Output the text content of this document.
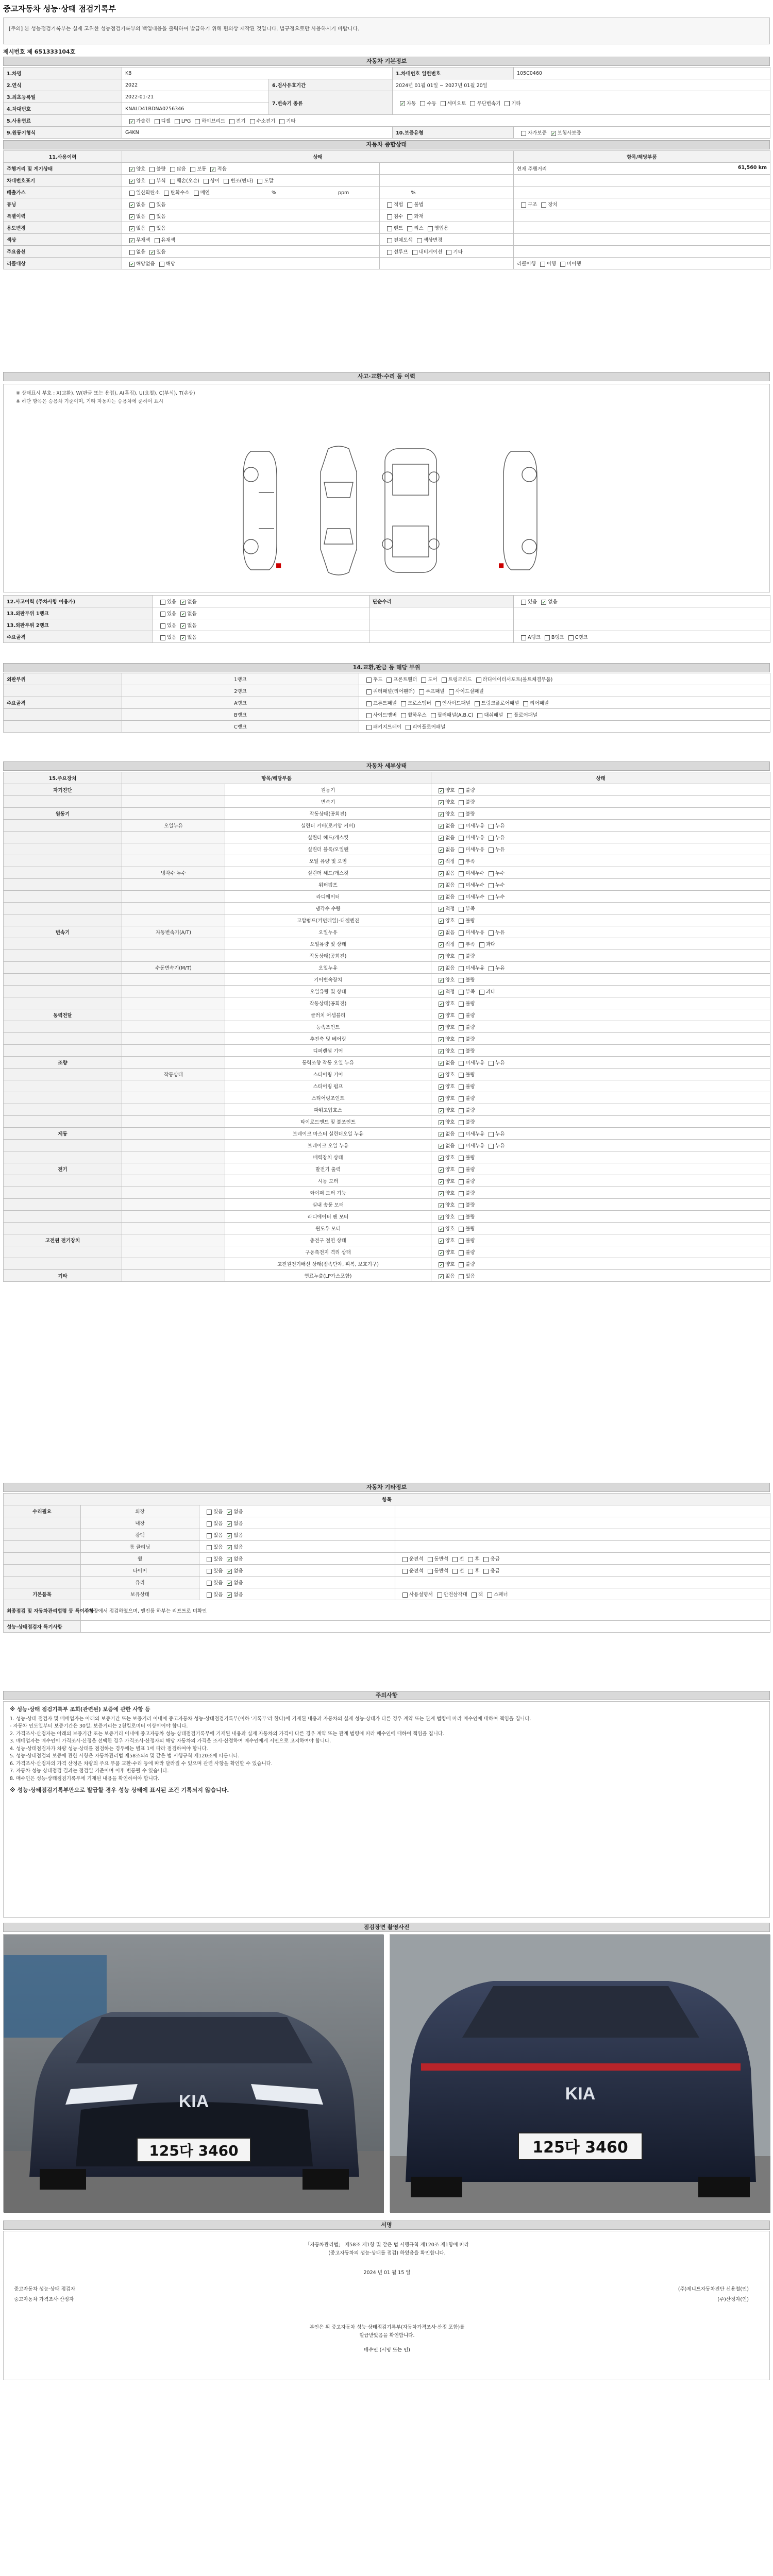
중고자동차 성능·상태 점검기록부
[주의] 본 성능점검기록부는 실제 고위한 성능점검기록부의 백업내용을 출력하여 발급하기 위해 편의상 제작된 것입니다. 법규정으로만 사용하시기 바랍니다.
제시번호 제 651333104호
자동차 기본정보
1.차명	K8		1.차대번호 일련번호	105C0460
2.연식	2022	6.검사유효기간	2024년 01월 01일 ~ 2027년 01월 20일	
3.최초등록일	2022-01-21	7.변속기 종류	✔자동 수동 세미오토 무단변속기 기타
4.차대번호	KNALD41BDNA0256346			
5.사용연료	✔가솔린 디젤 LPG 하이브리드 전기 수소전기 기타
9.원동기형식	G4KN		10.보증유형	자가보증 ✔ 보험사보증
자동차 종합상태
11.사용이력	상태		항목/해당부품
주행거리 및 계기상태	✔양호 불량 많음 보통 ✔ 적음		현재 주행거리 61,560 km

차대번호표기	✔양호 부식 훼손(오손) 상이 변조(변타) 도말		
배출가스	일산화탄소 탄화수소 매연 % ppm %		
튜닝	✔없음 있음	적법 불법	구조 장치
특별이력	✔없음 있음	침수 화재	
용도변경	✔없음 있음	렌트 리스 영업용	
색상	✔무채색 유채색	전체도색 색상변경	
주요옵션	없음 ✔ 있음	선루프 내비게이션 기타	
리콜대상	✔해당없음 해당		리콜이행 이행 미이행
사고·교환·수리 등 이력
※ 상태표시 부호 : X(교환), W(판금 또는 용접), A(흠집), U(요철), C(부식), T(손상)
※ 하단 항목은 승용차 기준이며, 기타 자동차는 승용차에 준하여 표시
■	■
12.사고이력 (주차사항 이용가)	있음 ✔ 없음	단순수리	있음 ✔ 없음
13.외판부위 1랭크	있음 ✔ 없음		
13.외판부위 2랭크	있음 ✔ 없음		
주요골격	있음 ✔ 없음		A랭크 B랭크 C랭크
14.교환,판금 등 해당 부위
외판부위	1랭크	후드 프론트휀더 도어 트렁크리드 라디에이터서포트(볼트체결부품)
	2랭크	쿼터패널(리어휀더) 루프패널 사이드실패널
주요골격	A랭크	프론트패널 크로스멤버 인사이드패널 트렁크플로어패널 리어패널
	B랭크	사이드멤버 휠하우스 필러패널(A,B,C) 대쉬패널 플로어패널
	C랭크	패키지트레이 리어플로어패널
자동차 세부상태
15.주요장치	항목/해당부품		상태
자기진단		원동기	✔양호 불량
		변속기	✔양호 불량
원동기		작동상태(공회전)	✔양호 불량
	오일누유	실린더 커버(로커암 커버)	✔없음 미세누유 누유
		실린더 헤드/개스킷	✔없음 미세누유 누유
		실린더 블록/오일팬	✔없음 미세누유 누유
		오일 유량 및 오염	✔적정 부족
	냉각수 누수	실린더 헤드/개스킷	✔없음 미세누수 누수
		워터펌프	✔없음 미세누수 누수
		라디에이터	✔없음 미세누수 누수
		냉각수 수량	✔적정 부족
		고압펌프(커먼레일)-디젤엔진	✔양호 불량
변속기	자동변속기(A/T)	오일누유	✔없음 미세누유 누유
		오일유량 및 상태	✔적정 부족 과다
		작동상태(공회전)	✔양호 불량
	수동변속기(M/T)	오일누유	✔없음 미세누유 누유
		기어변속장치	✔양호 불량
		오일유량 및 상태	✔적정 부족 과다
		작동상태(공회전)	✔양호 불량
동력전달		클러치 어셈블리	✔양호 불량
		등속조인트	✔양호 불량
		추진축 및 베어링	✔양호 불량
		디퍼렌셜 기어	✔양호 불량
조향		동력조향 작동 오일 누유	✔없음 미세누유 누유
	작동상태	스티어링 기어	✔양호 불량
		스티어링 펌프	✔양호 불량
		스티어링조인트	✔양호 불량
		파워고압호스	✔양호 불량
		타이로드엔드 및 볼조인트	✔양호 불량
제동		브레이크 마스터 실린더오일 누유	✔없음 미세누유 누유
		브레이크 오일 누유	✔없음 미세누유 누유
		배력장치 상태	✔양호 불량
전기		발전기 출력	✔양호 불량
		시동 모터	✔양호 불량
		와이퍼 모터 기능	✔양호 불량
		실내 송풍 모터	✔양호 불량
		라디에이터 팬 모터	✔양호 불량
		윈도우 모터	✔양호 불량
고전원 전기장치		충전구 절연 상태	✔양호 불량
		구동축전지 격리 상태	✔양호 불량
		고전원전기배선 상태(접속단자, 피복, 보호기구)	✔양호 불량
기타		연료누출(LP가스포함)	✔없음 있음
자동차 기타정보
항목			
수리필요	외장	있음 ✔ 없음	
	내장	있음 ✔ 없음	
	광택	있음 ✔ 없음	
	룸 클리닝	있음 ✔ 없음	
	휠	있음 ✔ 없음	운전석 동반석 전 후 응급
	타이어	있음 ✔ 없음	운전석 동반석 전 후 응급
	유리	있음 ✔ 없음	
기본품목	보유상태	있음 ✔ 없음	사용설명서 안전삼각대 잭 스패너
최종점검 및 자동차관리법령 등 특이사항	주차장에서 점검하였으며, 엔진룸 하부는 리프트로 미확인		
성능·상태점검자 특기사항			
주의사항
※ 성능·상태 점검기록부 조회(관련된) 보증에 관한 사항 등

1. 성능·상태 점검자 및 매매업자는 아래의 보증기간 또는 보증거리 이내에 중고자동차 성능·상태점검기록부(이하 '기록부'라 한다)에 기재된 내용과 자동차의 실제 성능·상태가 다른 경우 계약 또는 관계 법령에 따라 매수인에 대하여 책임을 집니다.

- 자동차 인도일부터 보증기간은 30일, 보증거리는 2천킬로미터 이상이어야 합니다.

2. 가격조사·산정자는 아래의 보증기간 또는 보증거리 이내에 중고자동차 성능·상태점검기록부에 기재된 내용과 실제 자동차의 가격이 다른 경우 계약 또는 관계 법령에 따라 매수인에 대하여 책임을 집니다.

3. 매매업자는 매수인이 가격조사·산정을 선택한 경우 가격조사·산정자의 해당 자동차의 가격을 조사·산정하여 매수인에게 서면으로 고지하여야 합니다.

4. 성능·상태점검자가 차량 성능·상태를 점검하는 경우에는 별표 1에 따라 점검하여야 합니다.

5. 성능·상태점검의 보증에 관한 사항은 자동차관리법 제58조의4 및 같은 법 시행규칙 제120조에 따릅니다.

6. 가격조사·산정자의 가격 산정은 차량의 주요 부품 교환·수리 등에 따라 달라질 수 있으며 관련 사항을 확인할 수 있습니다.

7. 자동차 성능·상태점검 결과는 점검일 기준이며 이후 변동될 수 있습니다.

8. 매수인은 성능·상태점검기록부에 기재된 내용을 확인하여야 합니다.

※ 성능·상태점검기록부만으로 발급할 경우 성능 상태에 표시된 조건 기록되지 않습니다.

점검장면 촬영사진
KIA
125다 3460
KIA
125다 3460
서명
「자동차관리법」 제58조 제1항 및 같은 법 시행규칙 제120조 제1항에 따라
(중고자동차의 성능·상태를 점검) 하였음을 확인합니다.
2024 년 01 월 15 일
중고자동차 성능·상태 점검자	(주)제니트자동차진단 신용철(인)
중고자동차 가격조사·산정자	(주)산정자(인)
본인은 위 중고자동차 성능·상태점검기록부(자동차가격조사·산정 포함)를
발급받았음을 확인합니다.
매수인 (서명 또는 인)
